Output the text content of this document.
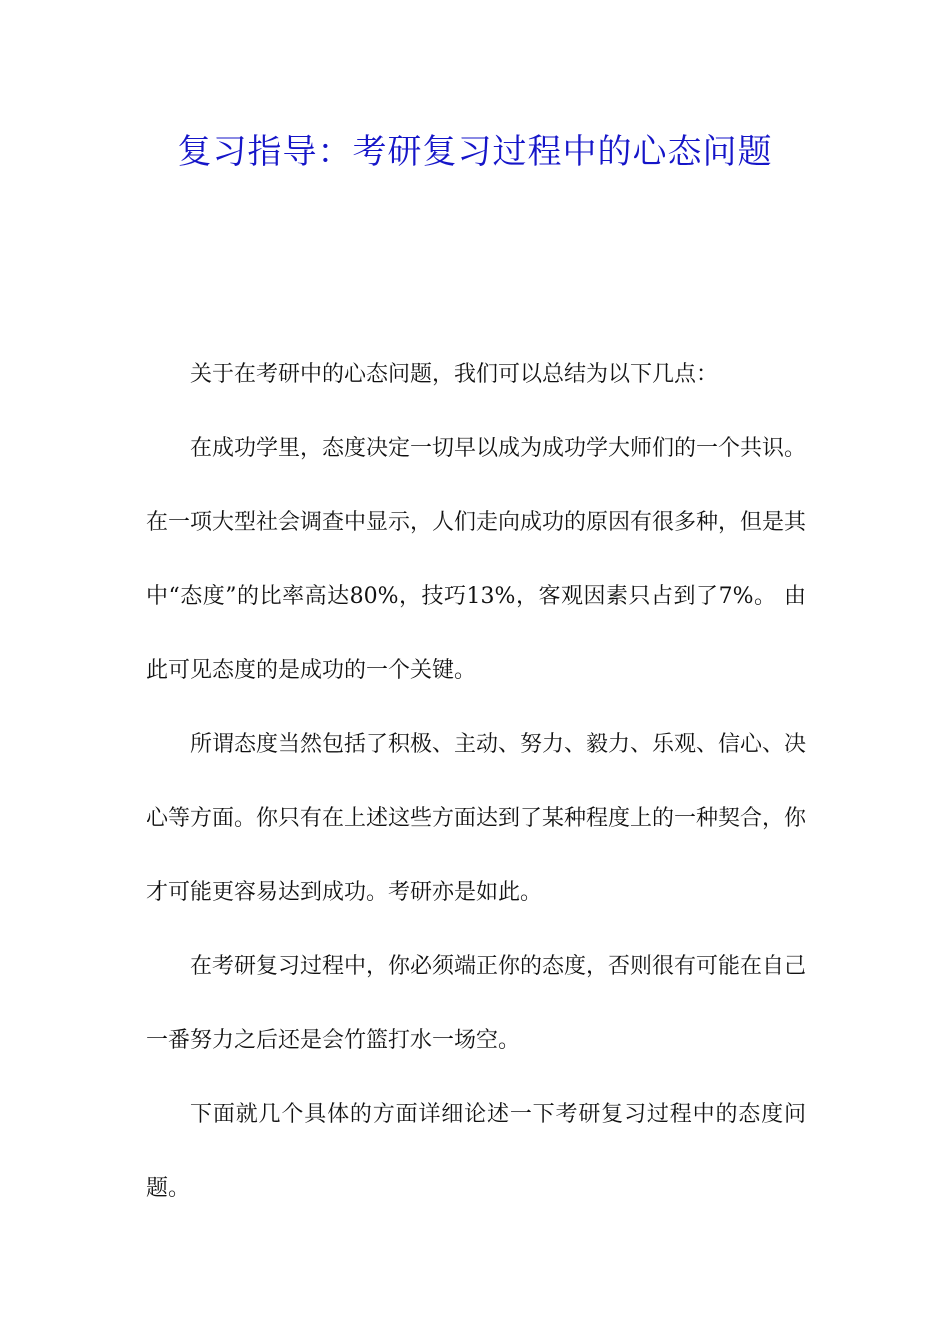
复习指导：考研复习过程中的心态问题

关于在考研中的心态问题，我们可以总结为以下几点：

在成功学里，态度决定一切早以成为成功学大师们的一个共识。在一项大型社会调查中显示，人们走向成功的原因有很多种，但是其中“态度”的比率高达80%，技巧13%，客观因素只占到了7%。 由此可见态度的是成功的一个关键。

所谓态度当然包括了积极、主动、努力、毅力、乐观、信心、决心等方面。你只有在上述这些方面达到了某种程度上的一种契合，你才可能更容易达到成功。考研亦是如此。

在考研复习过程中，你必须端正你的态度，否则很有可能在自己一番努力之后还是会竹篮打水一场空。

下面就几个具体的方面详细论述一下考研复习过程中的态度问题。
